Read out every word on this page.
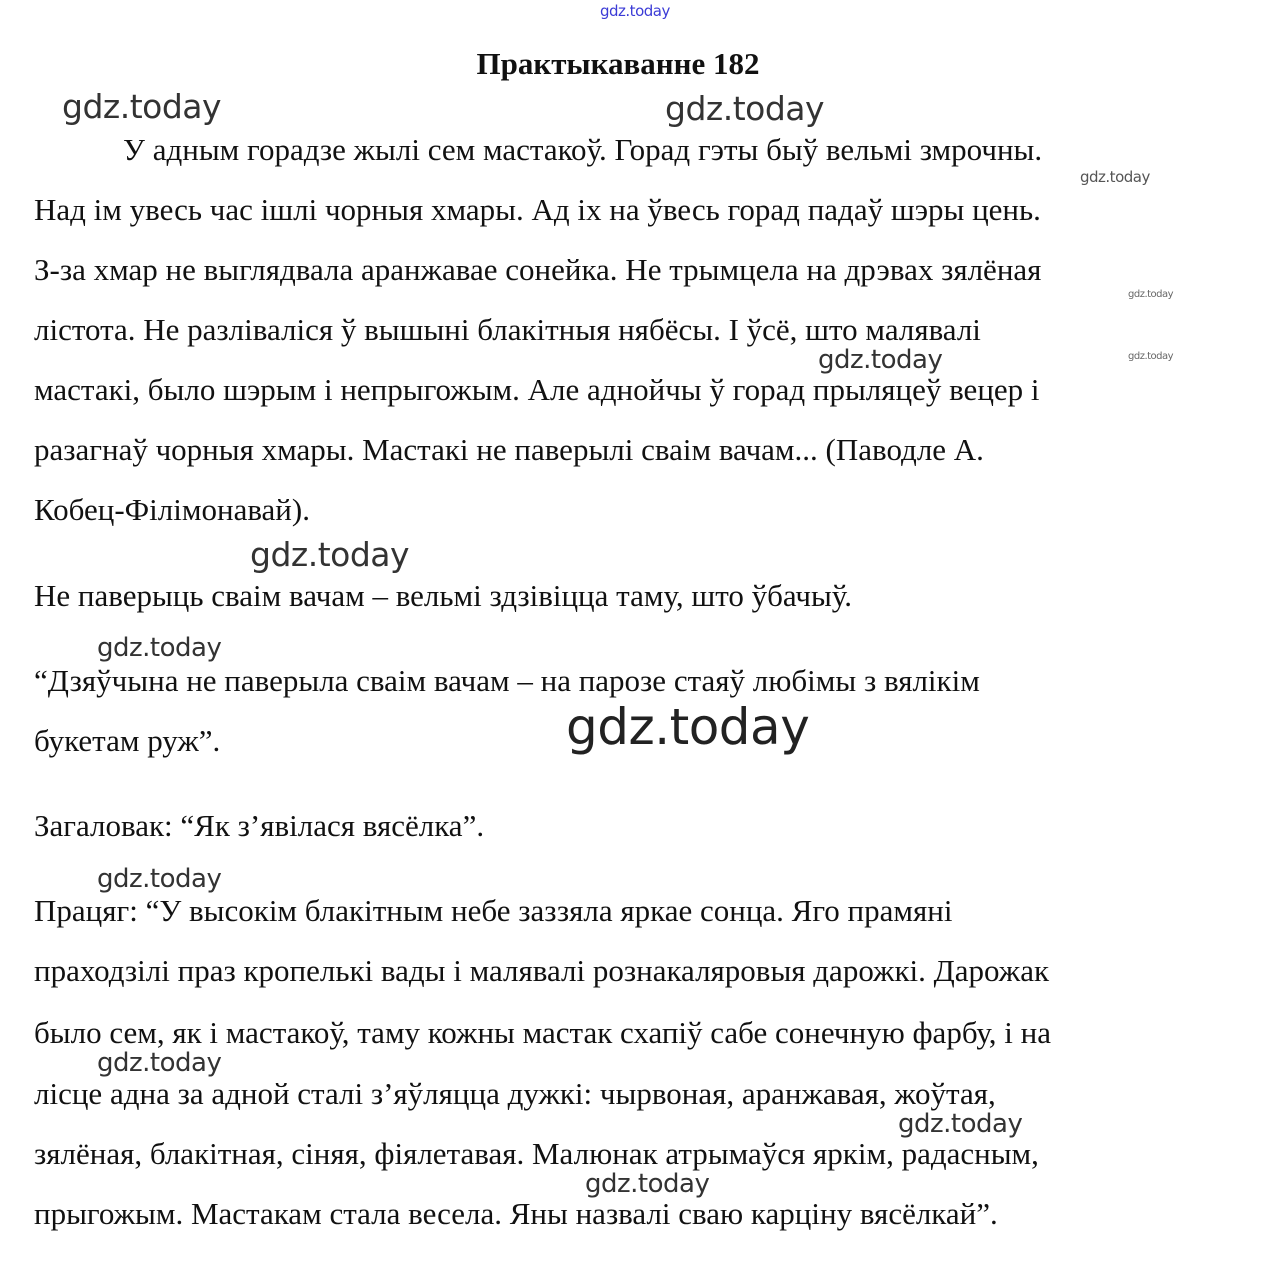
gdz.today
Практыкаванне 182
У адным горадзе жылі сем мастакоў. Горад гэты быў вельмі змрочны.
Над ім увесь час ішлі чорныя хмары. Ад іх на ўвесь горад падаў шэры цень.
З-за хмар не выглядвала аранжавае сонейка. Не трымцела на дрэвах зялёная
лістота. Не разліваліся ў вышыні блакітныя нябёсы. І ўсё, што малявалі
мастакі, было шэрым і непрыгожым. Але аднойчы ў горад прыляцеў вецер і
разагнаў чорныя хмары. Мастакі не паверылі сваім вачам... (Паводле А.
Кобец-Філімонавай).
Не паверыць сваім вачам – вельмі здзівіцца таму, што ўбачыў.
“Дзяўчына не паверыла сваім вачам – на парозе стаяў любімы з вялікім
букетам руж”.
Загаловак: “Як з’явілася вясёлка”.
Працяг: “У высокім блакітным небе заззяла яркае сонца. Яго прамяні
праходзілі праз кропелькі вады і малявалі рознакаляровыя дарожкі. Дарожак
было сем, як і мастакоў, таму кожны мастак схапіў сабе сонечную фарбу, і на
лісце адна за адной сталі з’яўляцца дужкі: чырвоная, аранжавая, жоўтая,
зялёная, блакітная, сіняя, фіялетавая. Малюнак атрымаўся яркім, радасным,
прыгожым. Мастакам стала весела. Яны назвалі сваю карціну вясёлкай”.
gdz.today	gdz.today
gdz.today
gdz.today
gdz.today
gdz.today
gdz.today
gdz.today
gdz.today
gdz.today
gdz.today
gdz.today
gdz.today
